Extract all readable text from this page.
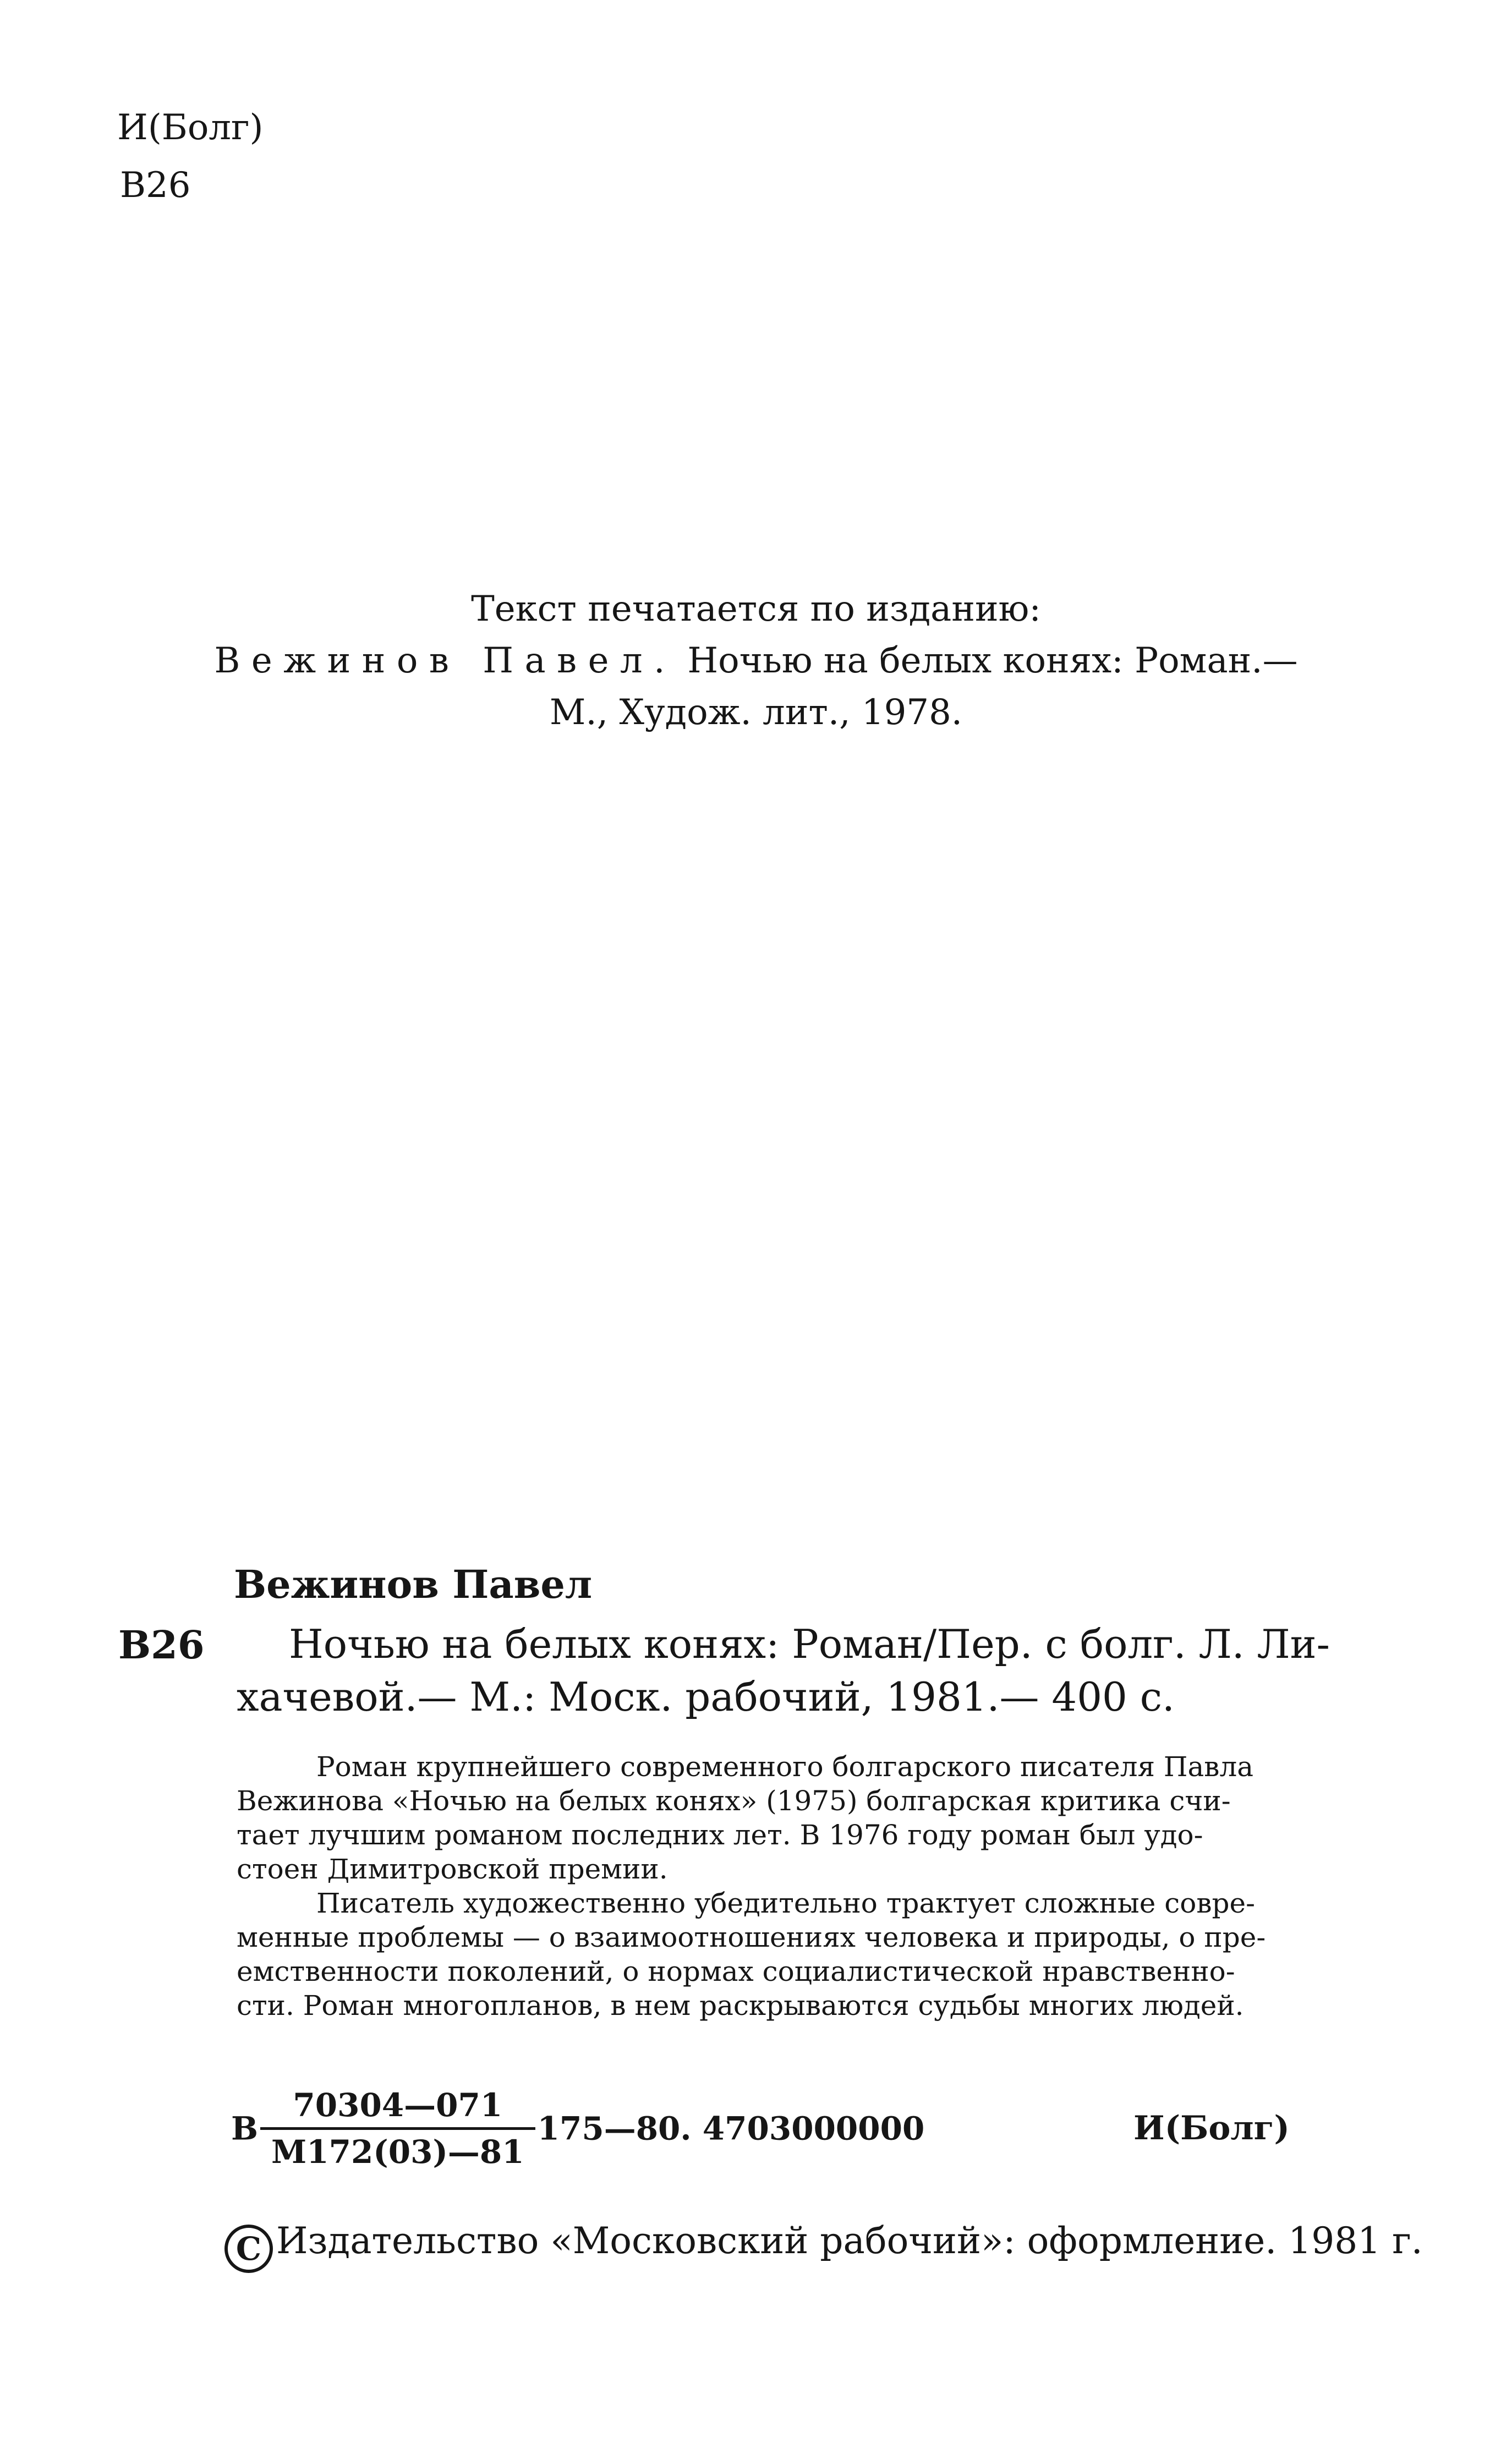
И(Болг)
В26
Текст печатается по изданию:
Вежинов Павел. Ночью на белых конях: Роман.—
М., Худож. лит., 1978.
Вежинов Павел
В26 Ночью на белых конях: Роман/Пер. с болг. Л. Ли-
хачевой.— М.: Моск. рабочий, 1981.— 400 с.
Роман крупнейшего современного болгарского писателя Павла
Вежинова «Ночью на белых конях» (1975) болгарская критика счи-
тает лучшим романом последних лет. В 1976 году роман был удо-
стоен Димитровской премии.
Писатель художественно убедительно трактует сложные совре-
менные проблемы — о взаимоотношениях человека и природы, о пре-
емственности поколений, о нормах социалистической нравственно-
сти. Роман многопланов, в нем раскрываются судьбы многих людей.
В $\frac{70304—071}{М172(03)—81}$ 175—80. 4703000000	И(Болг)
C Издательство «Московский рабочий»: оформление. 1981 г.
